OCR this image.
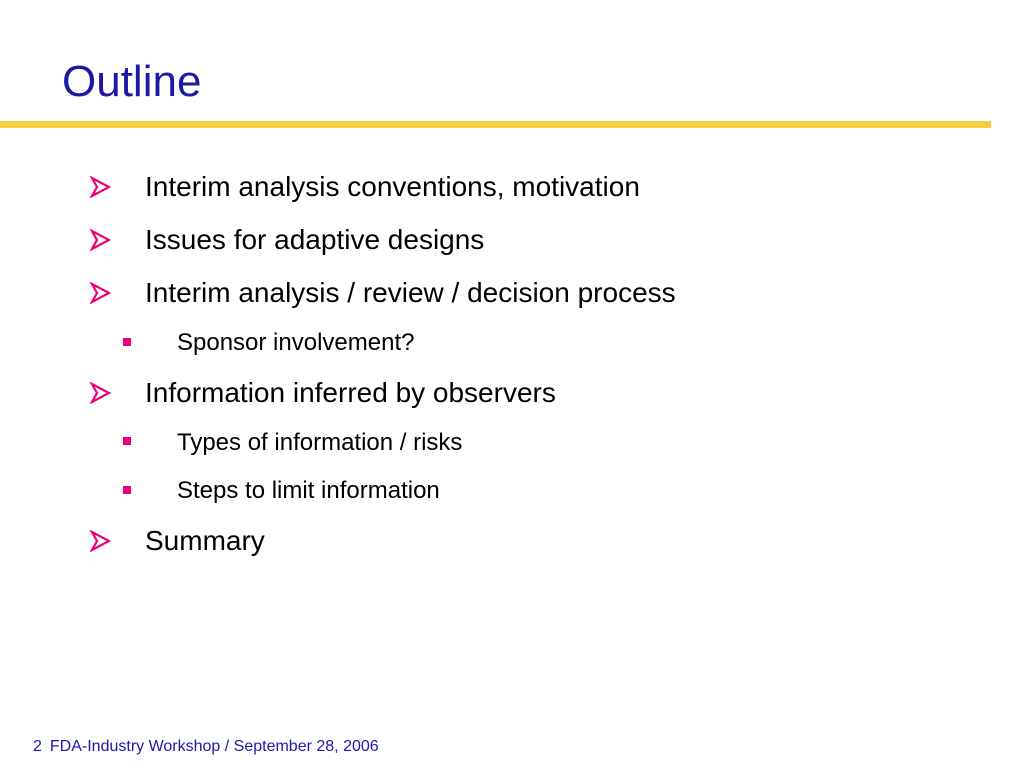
Outline
Interim analysis conventions, motivation
Issues for adaptive designs
Interim analysis / review / decision process
Sponsor involvement?
Information inferred by observers
Types of information / risks
Steps to limit information
Summary
2 FDA-Industry Workshop / September 28, 2006
